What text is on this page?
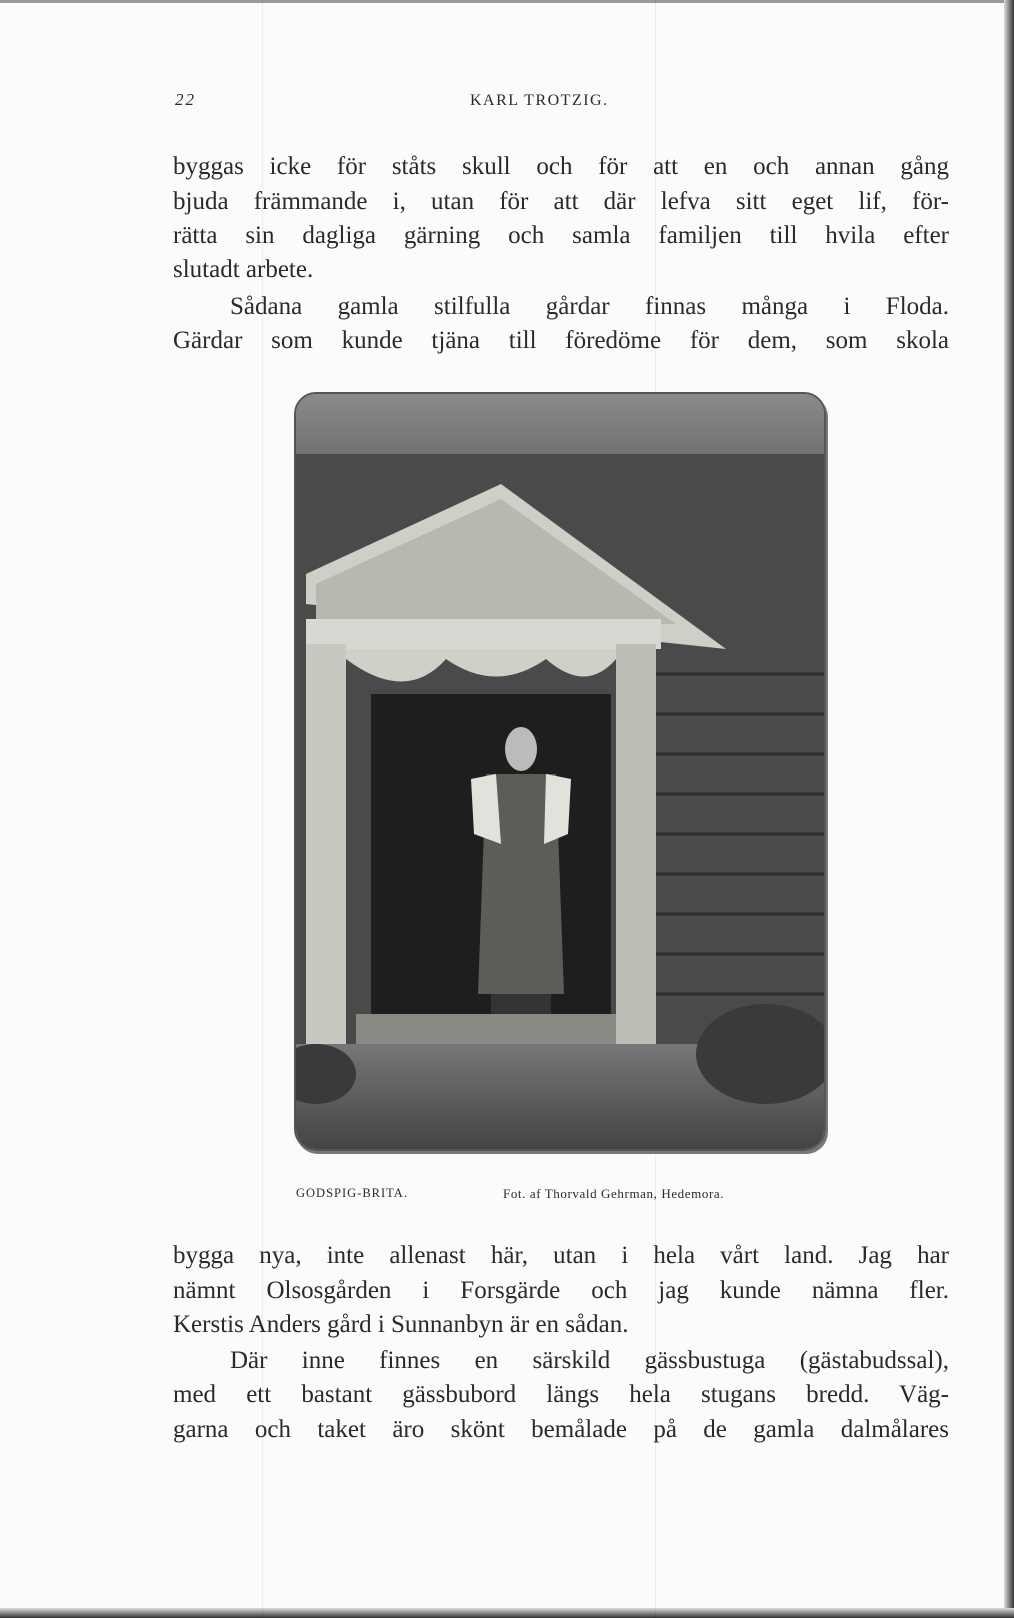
22	KARL TROTZIG.
byggas icke för ståts skull och för att en och annan gång
bjuda främmande i, utan för att där lefva sitt eget lif, för-
rätta sin dagliga gärning och samla familjen till hvila efter
slutadt arbete.
Sådana gamla stilfulla gårdar finnas många i Floda.
Gärdar som kunde tjäna till föredöme för dem, som skola
GODSPIG-BRITA.	Fot. af Thorvald Gehrman, Hedemora.
bygga nya, inte allenast här, utan i hela vårt land. Jag har
nämnt Olsosgården i Forsgärde och jag kunde nämna fler.
Kerstis Anders gård i Sunnanbyn är en sådan.
Där inne finnes en särskild gässbustuga (gästabudssal),
med ett bastant gässbubord längs hela stugans bredd. Väg-
garna och taket äro skönt bemålade på de gamla dalmålares
